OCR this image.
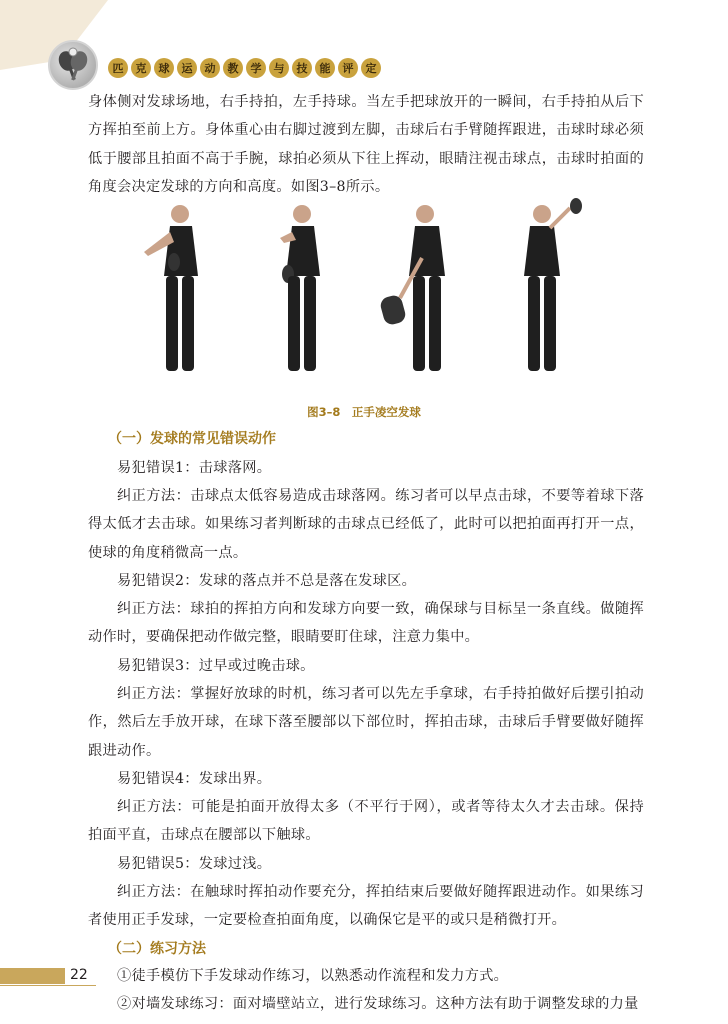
匹	克	球	运	动	教	学	与	技	能	评	定

身体侧对发球场地，右手持拍，左手持球。当左手把球放开的一瞬间，右手持拍从后下方挥拍至前上方。身体重心由右脚过渡到左脚，击球后右手臂随挥跟进，击球时球必须低于腰部且拍面不高于手腕，球拍必须从下往上挥动，眼睛注视击球点，击球时拍面的角度会决定发球的方向和高度。如图3–8所示。

图3–8　正手凌空发球
（一）发球的常见错误动作

易犯错误1：击球落网。

纠正方法：击球点太低容易造成击球落网。练习者可以早点击球，不要等着球下落得太低才去击球。如果练习者判断球的击球点已经低了，此时可以把拍面再打开一点，使球的角度稍微高一点。

易犯错误2：发球的落点并不总是落在发球区。

纠正方法：球拍的挥拍方向和发球方向要一致，确保球与目标呈一条直线。做随挥动作时，要确保把动作做完整，眼睛要盯住球，注意力集中。

易犯错误3：过早或过晚击球。

纠正方法：掌握好放球的时机，练习者可以先左手拿球，右手持拍做好后摆引拍动作，然后左手放开球，在球下落至腰部以下部位时，挥拍击球，击球后手臂要做好随挥跟进动作。

易犯错误4：发球出界。

纠正方法：可能是拍面开放得太多（不平行于网），或者等待太久才去击球。保持拍面平直，击球点在腰部以下触球。

易犯错误5：发球过浅。

纠正方法：在触球时挥拍动作要充分，挥拍结束后要做好随挥跟进动作。如果练习者使用正手发球，一定要检查拍面角度，以确保它是平的或只是稍微打开。

（二）练习方法

①徒手模仿下手发球动作练习，以熟悉动作流程和发力方式。

②对墙发球练习：面对墙壁站立，进行发球练习。这种方法有助于调整发球的力量

22
